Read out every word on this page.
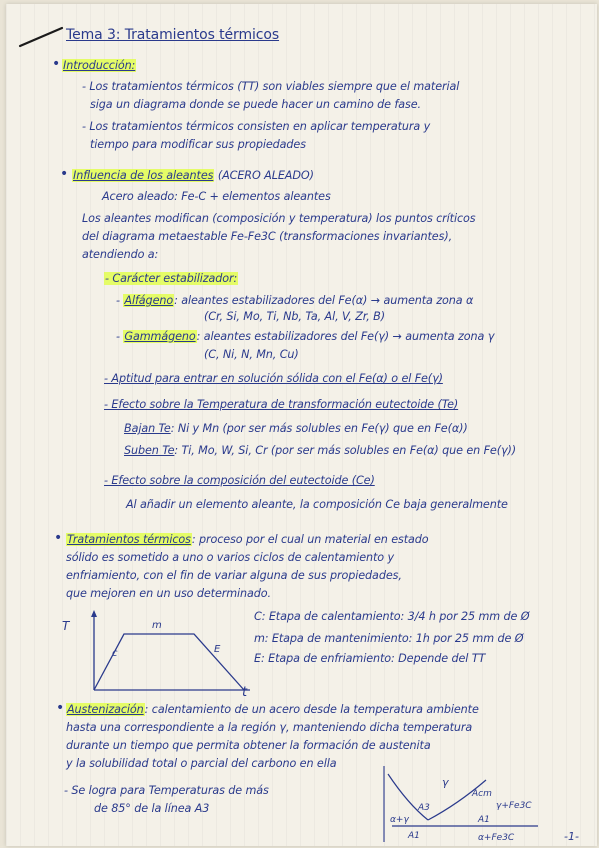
Tema 3: Tratamientos térmicos
• Introducción:
- Los tratamientos térmicos (TT) son viables siempre que el material
siga un diagrama donde se puede hacer un camino de fase.
- Los tratamientos térmicos consisten en aplicar temperatura y
tiempo para modificar sus propiedades
• Influencia de los aleantes (ACERO ALEADO)
Acero aleado: Fe-C + elementos aleantes
Los aleantes modifican (composición y temperatura) los puntos críticos
del diagrama metaestable Fe-Fe3C (transformaciones invariantes),
atendiendo a:
- Carácter estabilizador:
- Alfágeno: aleantes estabilizadores del Fe(α) → aumenta zona α
(Cr, Si, Mo, Ti, Nb, Ta, Al, V, Zr, B)
- Gammágeno: aleantes estabilizadores del Fe(γ) → aumenta zona γ
(C, Ni, N, Mn, Cu)
- Aptitud para entrar en solución sólida con el Fe(α) o el Fe(γ)
- Efecto sobre la Temperatura de transformación eutectoide (Te)
Bajan Te: Ni y Mn (por ser más solubles en Fe(γ) que en Fe(α))
Suben Te: Ti, Mo, W, Si, Cr (por ser más solubles en Fe(α) que en Fe(γ))
- Efecto sobre la composición del eutectoide (Ce)
Al añadir un elemento aleante, la composición Ce baja generalmente
• Tratamientos térmicos: proceso por el cual un material en estado
sólido es sometido a uno o varios ciclos de calentamiento y
enfriamiento, con el fin de variar alguna de sus propiedades,
que mejoren en un uso determinado.
T
t
c
m
E
C: Etapa de calentamiento: 3/4 h por 25 mm de Ø
m: Etapa de mantenimiento: 1h por 25 mm de Ø
E: Etapa de enfriamiento: Depende del TT
• Austenización: calentamiento de un acero desde la temperatura ambiente
hasta una correspondiente a la región γ, manteniendo dicha temperatura
durante un tiempo que permita obtener la formación de austenita
y la solubilidad total o parcial del carbono en ella
- Se logra para Temperaturas de más
de 85° de la línea A3
γ
Acm
A3	γ+Fe3C
α+γ	A1
A1	α+Fe3C	-1-
